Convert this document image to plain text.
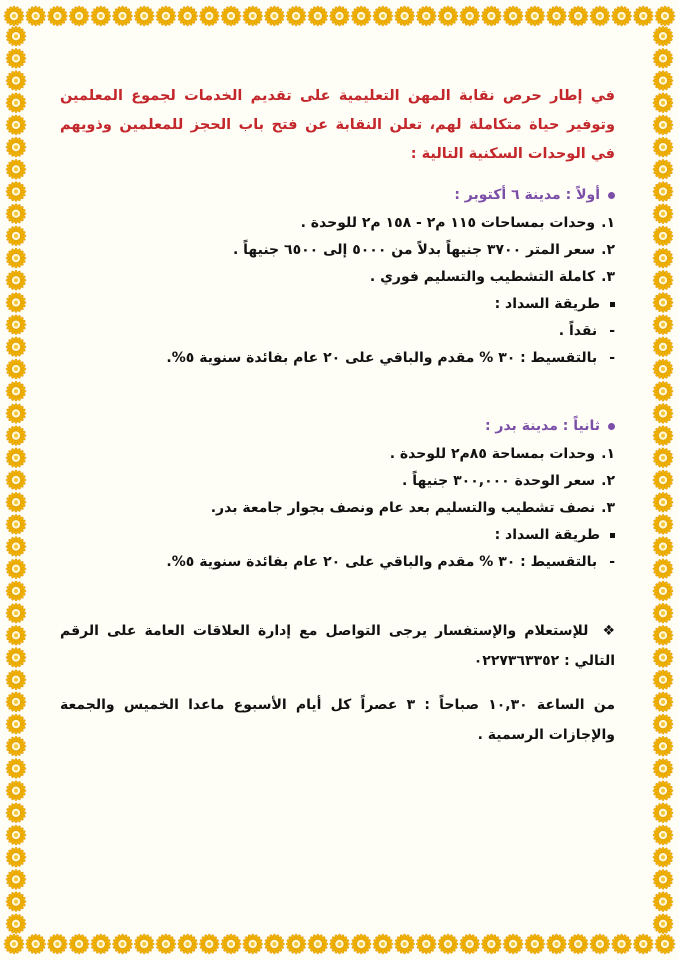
في إطار حرص نقابة المهن التعليمية على تقديم الخدمات لجموع المعلمين وتوفير حياة متكاملة لهم، تعلن النقابة عن فتح باب الحجز للمعلمين وذويهم في الوحدات السكنية التالية :

أولاً : مدينة ٦ أكتوبر :

١.
وحدات بمساحات ١١٥ م٢ - ١٥٨ م٢ للوحدة .

٢.
سعر المتر ٣٧٠٠ جنيهاً بدلاً من ٥٠٠٠ إلى ٦٥٠٠ جنيهاً .

٣.
كاملة التشطيب والتسليم فوري .

طريقة السداد :

-
نقداً .

-
بالتقسيط : ٣٠ % مقدم والباقي على ٢٠ عام بفائدة سنوية ٥%.

ثانياً : مدينة بدر :

١.
وحدات بمساحة ٨٥م٢ للوحدة .

٢.
سعر الوحدة ٣٠٠,٠٠٠ جنيهاً .

٣.
نصف تشطيب والتسليم بعد عام ونصف بجوار جامعة بدر.

طريقة السداد :

-
بالتقسيط : ٣٠ % مقدم والباقي على ٢٠ عام بفائدة سنوية ٥%.

❖ للإستعلام والإستفسار يرجى التواصل مع إدارة العلاقات العامة على الرقم التالي : ٠٢٢٧٣٦٣٣٥٢

من الساعة ١٠,٣٠ صباحاً : ٣ عصراً كل أيام الأسبوع ماعدا الخميس والجمعة والإجازات الرسمية .
